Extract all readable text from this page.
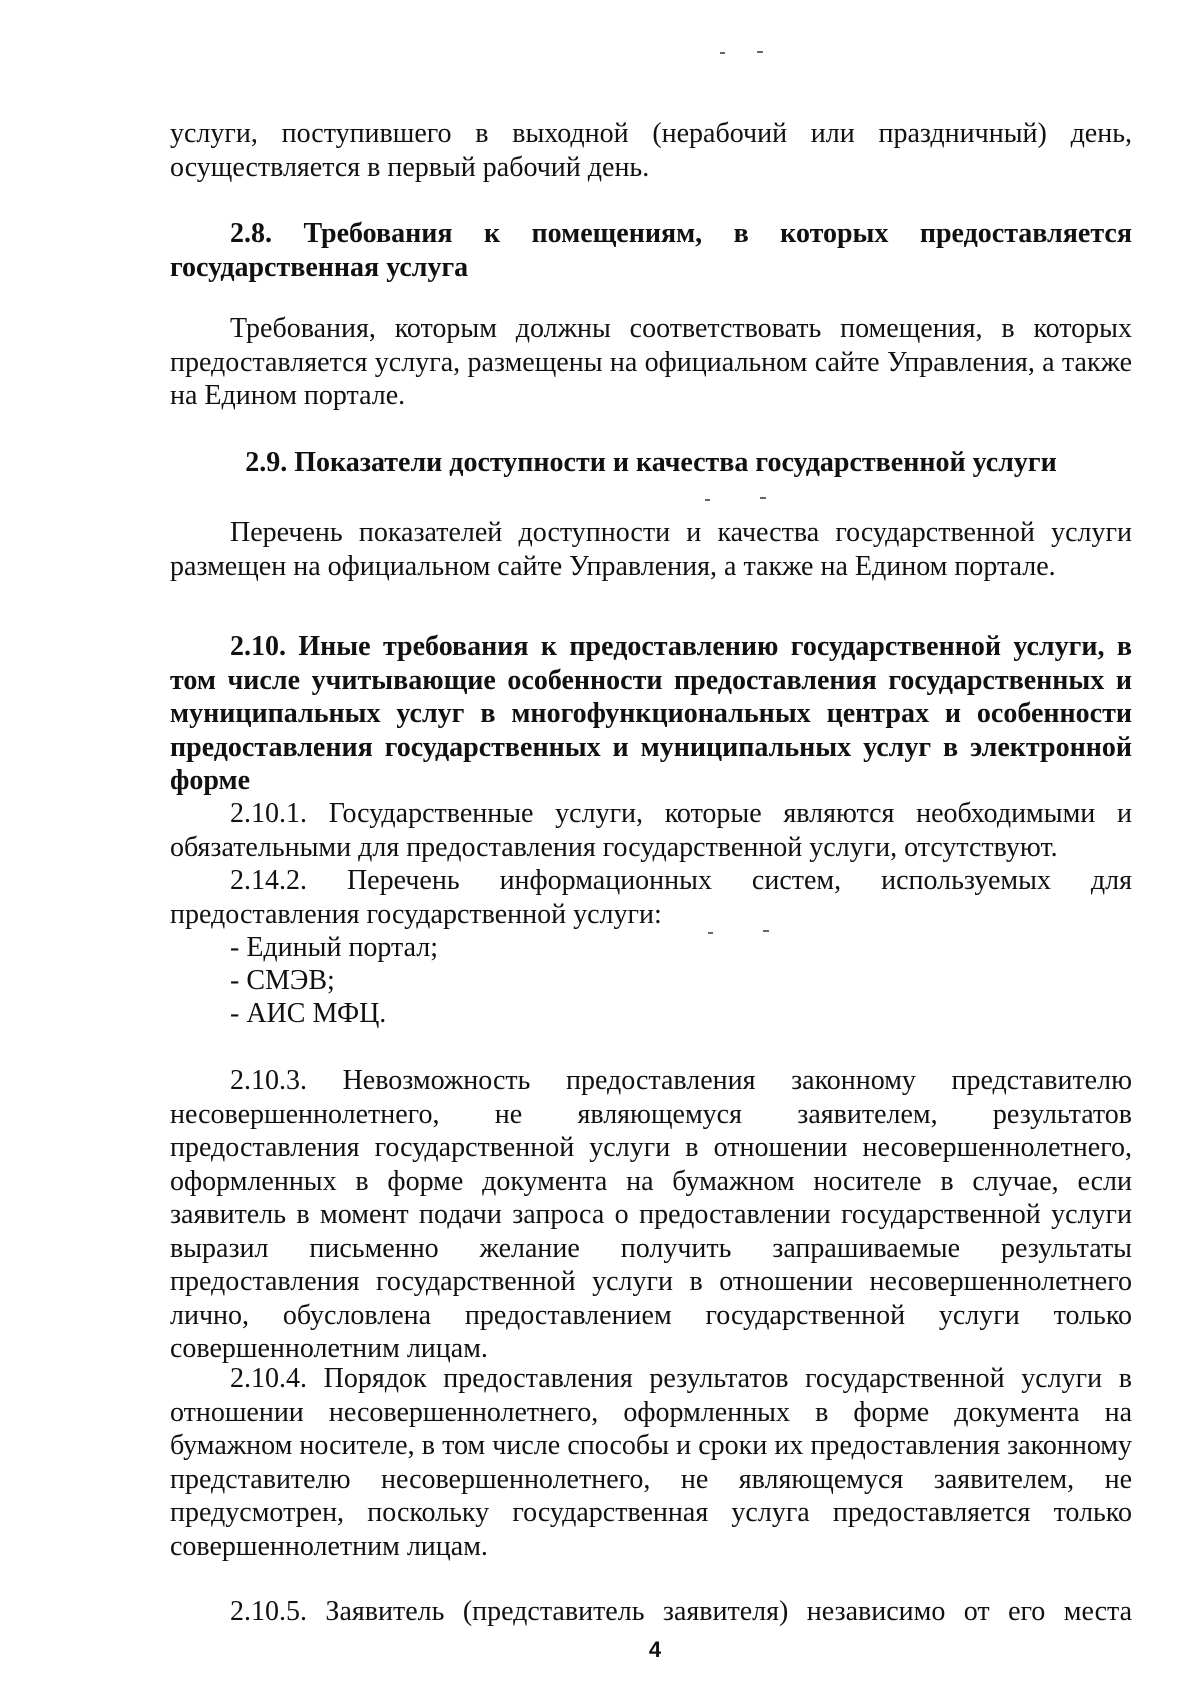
услуги, поступившего в выходной (нерабочий или праздничный) день, осуществляется в первый рабочий день.
2.8. Требования к помещениям, в которых предоставляется государственная услуга
Требования, которым должны соответствовать помещения, в которых предоставляется услуга, размещены на официальном сайте Управления, а также на Едином портале.
2.9. Показатели доступности и качества государственной услуги
Перечень показателей доступности и качества государственной услуги размещен на официальном сайте Управления, а также на Едином портале.
2.10. Иные требования к предоставлению государственной услуги, в том числе учитывающие особенности предоставления государственных и муниципальных услуг в многофункциональных центрах и особенности предоставления государственных и муниципальных услуг в электронной форме
2.10.1. Государственные услуги, которые являются необходимыми и обязательными для предоставления государственной услуги, отсутствуют.
2.14.2. Перечень информационных систем, используемых для предоставления государственной услуги:
- Единый портал;
- СМЭВ;
- АИС МФЦ.
2.10.3. Невозможность предоставления законному представителю несовершеннолетнего, не являющемуся заявителем, результатов предоставления государственной услуги в отношении несовершеннолетнего, оформленных в форме документа на бумажном носителе в случае, если заявитель в момент подачи запроса о предоставлении государственной услуги выразил письменно желание получить запрашиваемые результаты предоставления государственной услуги в отношении несовершеннолетнего лично, обусловлена предоставлением государственной услуги только совершеннолетним лицам.
2.10.4. Порядок предоставления результатов государственной услуги в отношении несовершеннолетнего, оформленных в форме документа на бумажном носителе, в том числе способы и сроки их предоставления законному представителю несовершеннолетнего, не являющемуся заявителем, не предусмотрен, поскольку государственная услуга предоставляется только совершеннолетним лицам.
2.10.5. Заявитель (представитель заявителя) независимо от его места
4
